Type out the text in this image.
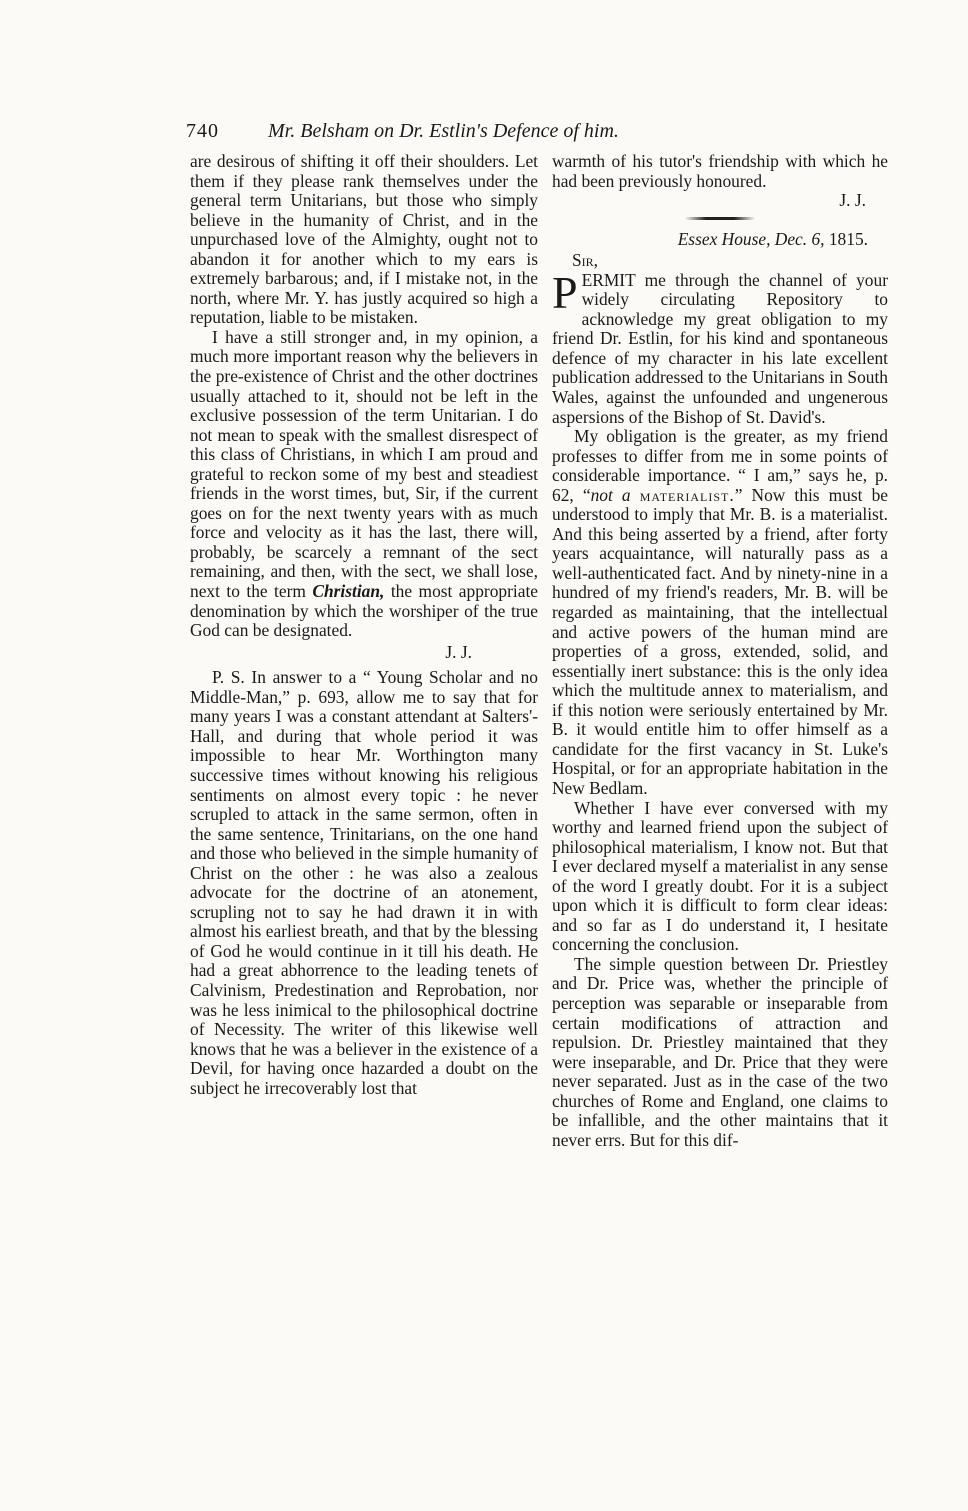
740 Mr. Belsham on Dr. Estlin's Defence of him.

are desirous of shifting it off their shoulders. Let them if they please rank themselves under the general term Unitarians, but those who simply believe in the humanity of Christ, and in the unpurchased love of the Almighty, ought not to abandon it for another which to my ears is extremely barbarous; and, if I mistake not, in the north, where Mr. Y. has justly acquired so high a reputation, liable to be mistaken.

I have a still stronger and, in my opinion, a much more important reason why the believers in the pre-existence of Christ and the other doctrines usually attached to it, should not be left in the exclusive possession of the term Unitarian. I do not mean to speak with the smallest disrespect of this class of Christians, in which I am proud and grateful to reckon some of my best and steadiest friends in the worst times, but, Sir, if the current goes on for the next twenty years with as much force and velocity as it has the last, there will, probably, be scarcely a remnant of the sect remaining, and then, with the sect, we shall lose, next to the term Christian, the most appropriate denomination by which the worshiper of the true God can be designated.

J. J.

P. S. In answer to a “ Young Scholar and no Middle-Man,” p. 693, allow me to say that for many years I was a constant attendant at Salters'-Hall, and during that whole period it was impossible to hear Mr. Worthington many successive times without knowing his religious sentiments on almost every topic : he never scrupled to attack in the same sermon, often in the same sentence, Trinitarians, on the one hand and those who believed in the simple humanity of Christ on the other : he was also a zealous advocate for the doctrine of an atonement, scrupling not to say he had drawn it in with almost his earliest breath, and that by the blessing of God he would continue in it till his death. He had a great abhorrence to the leading tenets of Calvinism, Predestination and Reprobation, nor was he less inimical to the philosophical doctrine of Necessity. The writer of this likewise well knows that he was a believer in the existence of a Devil, for having once hazarded a doubt on the subject he irrecoverably lost that

warmth of his tutor's friendship with which he had been previously honoured.

J. J.

Essex House, Dec. 6, 1815.

Sir,

PERMIT me through the channel of your widely circulating Repository to acknowledge my great obligation to my friend Dr. Estlin, for his kind and spontaneous defence of my character in his late excellent publication addressed to the Unitarians in South Wales, against the unfounded and ungenerous aspersions of the Bishop of St. David's.

My obligation is the greater, as my friend professes to differ from me in some points of considerable importance. “ I am,” says he, p. 62, “not a materialist.” Now this must be understood to imply that Mr. B. is a materialist. And this being asserted by a friend, after forty years acquaintance, will naturally pass as a well-authenticated fact. And by ninety-nine in a hundred of my friend's readers, Mr. B. will be regarded as maintaining, that the intellectual and active powers of the human mind are properties of a gross, extended, solid, and essentially inert substance: this is the only idea which the multitude annex to materialism, and if this notion were seriously entertained by Mr. B. it would entitle him to offer himself as a candidate for the first vacancy in St. Luke's Hospital, or for an appropriate habitation in the New Bedlam.

Whether I have ever conversed with my worthy and learned friend upon the subject of philosophical materialism, I know not. But that I ever declared myself a materialist in any sense of the word I greatly doubt. For it is a subject upon which it is difficult to form clear ideas: and so far as I do understand it, I hesitate concerning the conclusion.

The simple question between Dr. Priestley and Dr. Price was, whether the principle of perception was separable or inseparable from certain modifications of attraction and repulsion. Dr. Priestley maintained that they were inseparable, and Dr. Price that they were never separated. Just as in the case of the two churches of Rome and England, one claims to be infallible, and the other maintains that it never errs. But for this dif-
